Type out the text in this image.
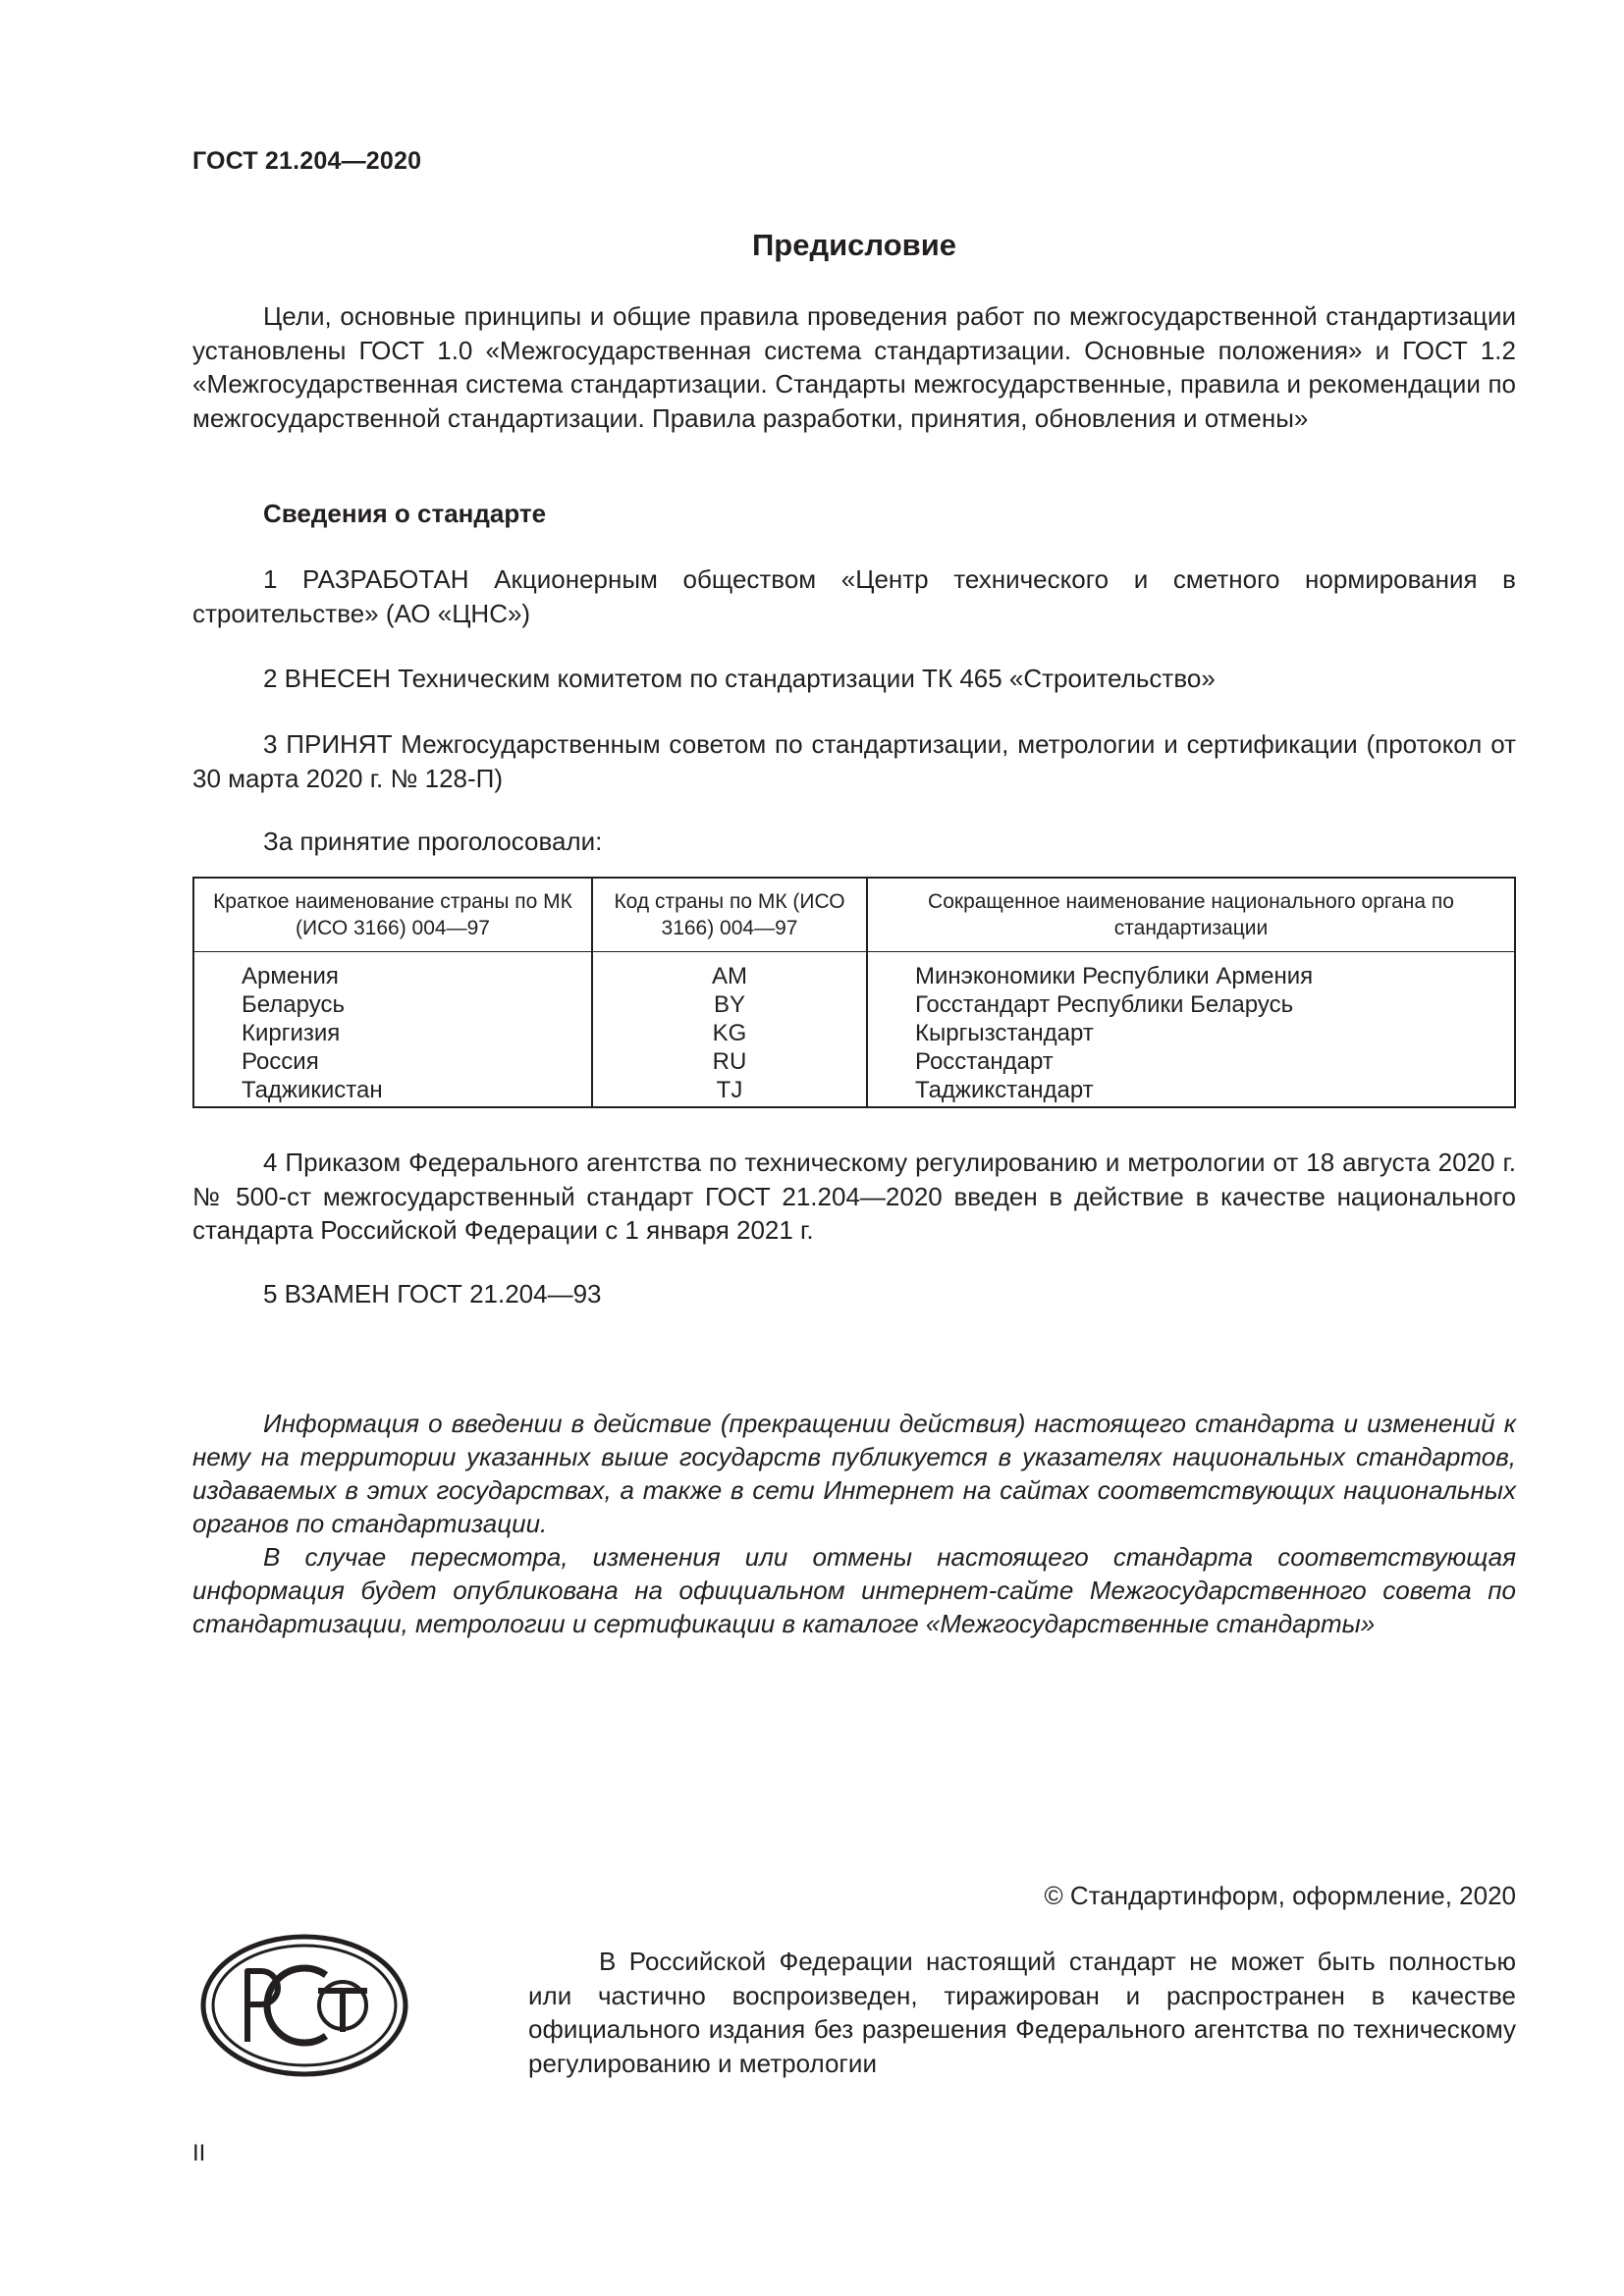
ГОСТ 21.204—2020
Предисловие
Цели, основные принципы и общие правила проведения работ по межгосударственной стандартизации установлены ГОСТ 1.0 «Межгосударственная система стандартизации. Основные положения» и ГОСТ 1.2 «Межгосударственная система стандартизации. Стандарты межгосударственные, правила и рекомендации по межгосударственной стандартизации. Правила разработки, принятия, обновления и отмены»
Сведения о стандарте
1 РАЗРАБОТАН Акционерным обществом «Центр технического и сметного нормирования в строительстве» (АО «ЦНС»)
2 ВНЕСЕН Техническим комитетом по стандартизации ТК 465 «Строительство»
3 ПРИНЯТ Межгосударственным советом по стандартизации, метрологии и сертификации (протокол от 30 марта 2020 г. № 128-П)
За принятие проголосовали:
Краткое наименование страны по МК (ИСО 3166) 004—97	Код страны по МК (ИСО 3166) 004—97	Сокращенное наименование национального органа по стандартизации
Армения	AM	Минэкономики Республики Армения
Беларусь	BY	Госстандарт Республики Беларусь
Киргизия	KG	Кыргызстандарт
Россия	RU	Росстандарт
Таджикистан	TJ	Таджикстандарт
4 Приказом Федерального агентства по техническому регулированию и метрологии от 18 августа 2020 г. № 500-ст межгосударственный стандарт ГОСТ 21.204—2020 введен в действие в качестве национального стандарта Российской Федерации с 1 января 2021 г.
5 ВЗАМЕН ГОСТ 21.204—93
Информация о введении в действие (прекращении действия) настоящего стандарта и изменений к нему на территории указанных выше государств публикуется в указателях национальных стандартов, издаваемых в этих государствах, а также в сети Интернет на сайтах соответствующих национальных органов по стандартизации.
В случае пересмотра, изменения или отмены настоящего стандарта соответствующая информация будет опубликована на официальном интернет-сайте Межгосударственного совета по стандартизации, метрологии и сертификации в каталоге «Межгосударственные стандарты»
© Стандартинформ, оформление, 2020
В Российской Федерации настоящий стандарт не может быть полностью или частично воспроизведен, тиражирован и распространен в качестве официального издания без разрешения Федерального агентства по техническому регулированию и метрологии
II
